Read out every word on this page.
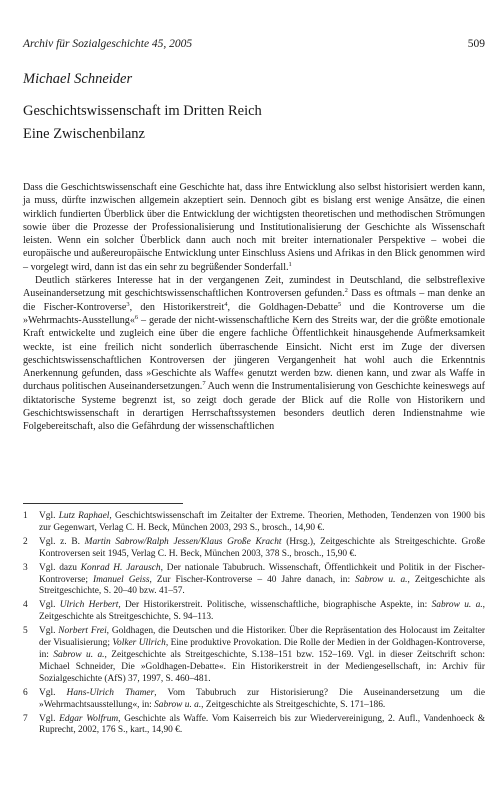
Archiv für Sozialgeschichte 45, 2005	509
Michael Schneider
Geschichtswissenschaft im Dritten Reich
Eine Zwischenbilanz

Dass die Geschichtswissenschaft eine Geschichte hat, dass ihre Entwicklung also selbst historisiert werden kann, ja muss, dürfte inzwischen allgemein akzeptiert sein. Dennoch gibt es bislang erst wenige Ansätze, die einen wirklich fundierten Überblick über die Entwicklung der wichtigsten theoretischen und methodischen Strömungen sowie über die Prozesse der Professionalisierung und Institutionalisierung der Geschichte als Wissenschaft leisten. Wenn ein solcher Überblick dann auch noch mit breiter internationaler Perspektive – wobei die europäische und außereuropäische Entwicklung unter Einschluss Asiens und Afrikas in den Blick genommen wird – vorgelegt wird, dann ist das ein sehr zu begrüßender Sonderfall.$^1$

Deutlich stärkeres Interesse hat in der vergangenen Zeit, zumindest in Deutschland, die selbstreflexive Auseinandersetzung mit geschichtswissenschaftlichen Kontroversen gefunden.$^2$ Dass es oftmals – man denke an die Fischer-Kontroverse$^3$, den Historikerstreit$^4$, die Goldhagen-Debatte$^5$ und die Kontroverse um die »Wehrmachts-Ausstellung«$^6$ – gerade der nicht-wissenschaftliche Kern des Streits war, der die größte emotionale Kraft entwickelte und zugleich eine über die engere fachliche Öffentlichkeit hinausgehende Aufmerksamkeit weckte, ist eine freilich nicht sonderlich überraschende Einsicht. Nicht erst im Zuge der diversen geschichtswissenschaftlichen Kontroversen der jüngeren Vergangenheit hat wohl auch die Erkenntnis Anerkennung gefunden, dass »Geschichte als Waffe« genutzt werden bzw. dienen kann, und zwar als Waffe in durchaus politischen Auseinandersetzungen.$^7$ Auch wenn die Instrumentalisierung von Geschichte keineswegs auf diktatorische Systeme begrenzt ist, so zeigt doch gerade der Blick auf die Rolle von Historikern und Geschichtswissenschaft in derartigen Herrschaftssystemen besonders deutlich deren Indienstnahme wie Folgebereitschaft, also die Gefährdung der wissenschaftlichen

1	Vgl. Lutz Raphael, Geschichtswissenschaft im Zeitalter der Extreme. Theorien, Methoden, Tendenzen von 1900 bis zur Gegenwart, Verlag C. H. Beck, München 2003, 293 S., brosch., 14,90 €.
2	Vgl. z. B. Martin Sabrow/Ralph Jessen/Klaus Große Kracht (Hrsg.), Zeitgeschichte als Streitgeschichte. Große Kontroversen seit 1945, Verlag C. H. Beck, München 2003, 378 S., brosch., 15,90 €.
3	Vgl. dazu Konrad H. Jarausch, Der nationale Tabubruch. Wissenschaft, Öffentlichkeit und Politik in der Fischer-Kontroverse; Imanuel Geiss, Zur Fischer-Kontroverse – 40 Jahre danach, in: Sabrow u. a., Zeitgeschichte als Streitgeschichte, S. 20–40 bzw. 41–57.
4	Vgl. Ulrich Herbert, Der Historikerstreit. Politische, wissenschaftliche, biographische Aspekte, in: Sabrow u. a., Zeitgeschichte als Streitgeschichte, S. 94–113.
5	Vgl. Norbert Frei, Goldhagen, die Deutschen und die Historiker. Über die Repräsentation des Holocaust im Zeitalter der Visualisierung; Volker Ullrich, Eine produktive Provokation. Die Rolle der Medien in der Goldhagen-Kontroverse, in: Sabrow u. a., Zeitgeschichte als Streitgeschichte, S.138–151 bzw. 152–169. Vgl. in dieser Zeitschrift schon: Michael Schneider, Die »Goldhagen-Debatte«. Ein Historikerstreit in der Mediengesellschaft, in: Archiv für Sozialgeschichte (AfS) 37, 1997, S. 460–481.
6	Vgl. Hans-Ulrich Thamer, Vom Tabubruch zur Historisierung? Die Auseinandersetzung um die »Wehrmachtsausstellung«, in: Sabrow u. a., Zeitgeschichte als Streitgeschichte, S. 171–186.
7	Vgl. Edgar Wolfrum, Geschichte als Waffe. Vom Kaiserreich bis zur Wiedervereinigung, 2. Aufl., Vandenhoeck & Ruprecht, 2002, 176 S., kart., 14,90 €.
